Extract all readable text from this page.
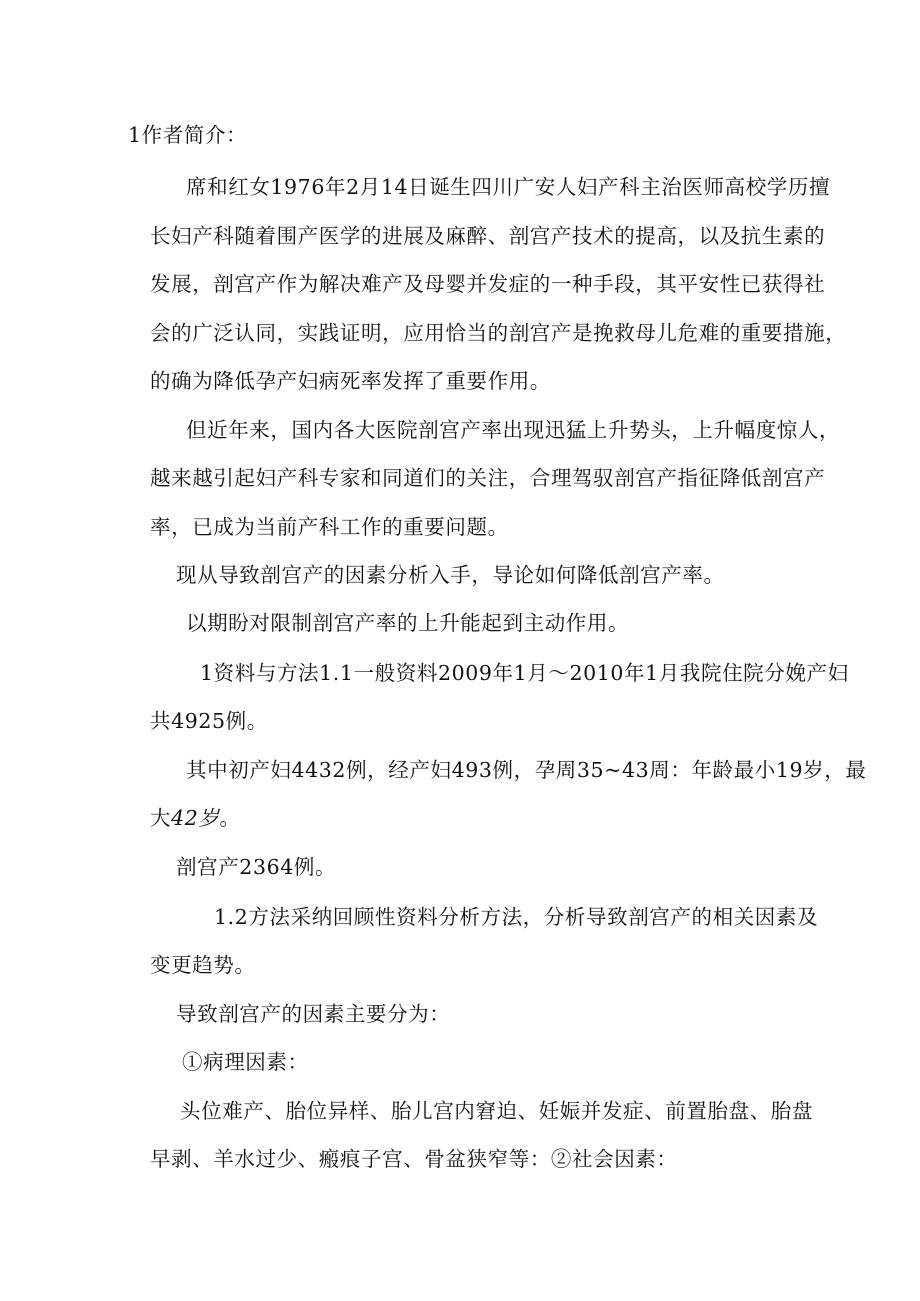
1作者简介：
席和红女1976年2月14日诞生四川广安人妇产科主治医师高校学历擅
长妇产科随着围产医学的进展及麻醉、剖宫产技术的提高，以及抗生素的
发展，剖宫产作为解决难产及母婴并发症的一种手段，其平安性已获得社
会的广泛认同，实践证明，应用恰当的剖宫产是挽救母儿危难的重要措施，
的确为降低孕产妇病死率发挥了重要作用。
但近年来，国内各大医院剖宫产率出现迅猛上升势头，上升幅度惊人，
越来越引起妇产科专家和同道们的关注，合理驾驭剖宫产指征降低剖宫产
率，已成为当前产科工作的重要问题。
现从导致剖宫产的因素分析入手，导论如何降低剖宫产率。
以期盼对限制剖宫产率的上升能起到主动作用。
1资料与方法1.1一般资料2009年1月～2010年1月我院住院分娩产妇
共4925例。
其中初产妇4432例，经产妇493例，孕周35~43周：年龄最小19岁，最
大42岁。
剖宫产2364例。
1.2方法采纳回顾性资料分析方法，分析导致剖宫产的相关因素及
变更趋势。
导致剖宫产的因素主要分为：
①病理因素：
头位难产、胎位异样、胎儿宫内窘迫、妊娠并发症、前置胎盘、胎盘
早剥、羊水过少、瘢痕子宫、骨盆狭窄等：②社会因素：
